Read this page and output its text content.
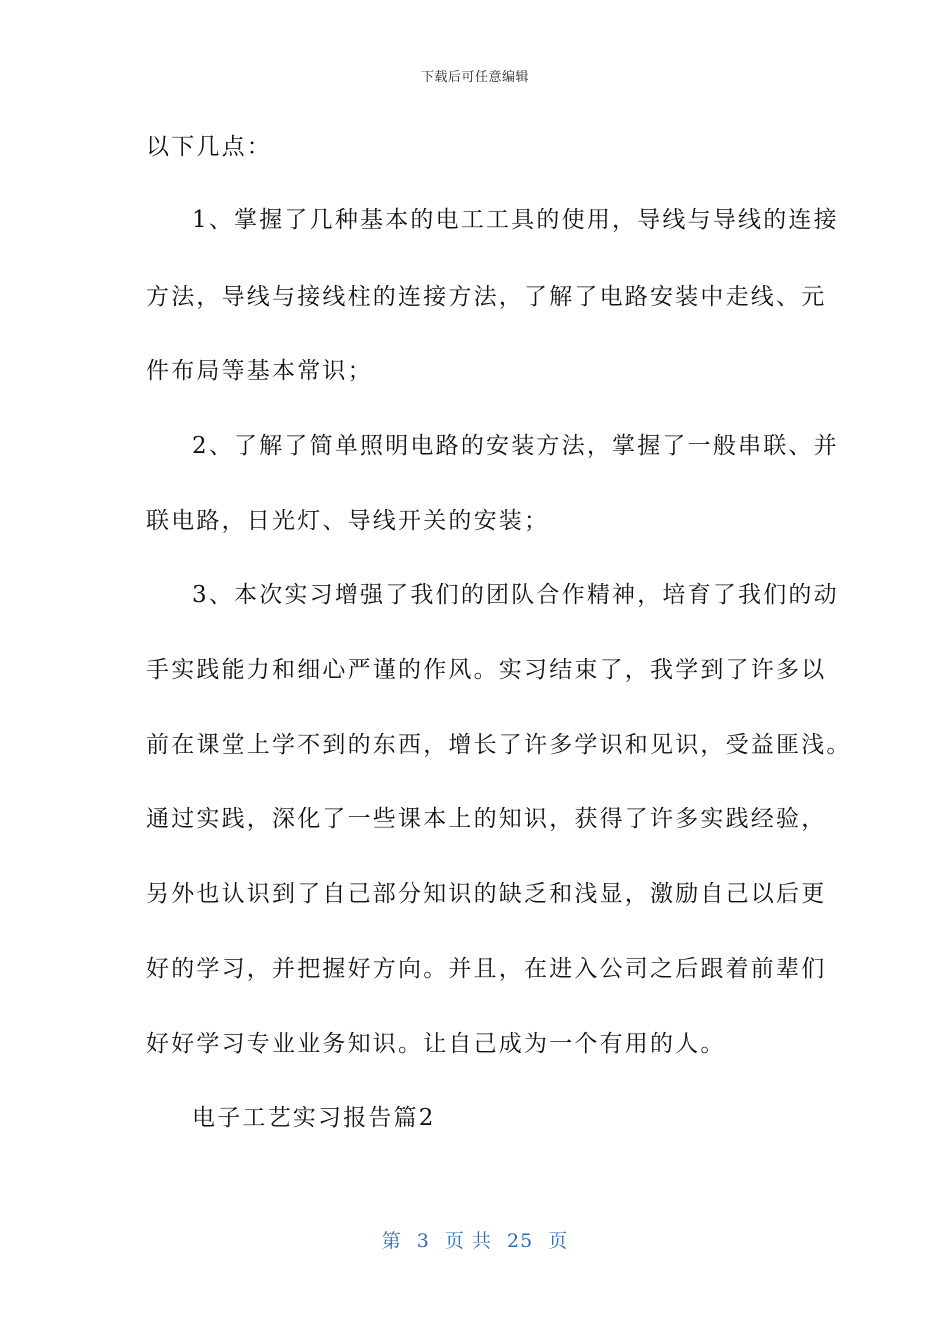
下载后可任意编辑
以下几点：
1、掌握了几种基本的电工工具的使用，导线与导线的连接
方法，导线与接线柱的连接方法，了解了电路安装中走线、元
件布局等基本常识；
2、了解了简单照明电路的安装方法，掌握了一般串联、并
联电路，日光灯、导线开关的安装；
3、本次实习增强了我们的团队合作精神，培育了我们的动
手实践能力和细心严谨的作风。实习结束了，我学到了许多以
前在课堂上学不到的东西，增长了许多学识和见识，受益匪浅。
通过实践，深化了一些课本上的知识，获得了许多实践经验，
另外也认识到了自己部分知识的缺乏和浅显，激励自己以后更
好的学习，并把握好方向。并且，在进入公司之后跟着前辈们
好好学习专业业务知识。让自己成为一个有用的人。
电子工艺实习报告篇2
第 3 页 共 25 页
